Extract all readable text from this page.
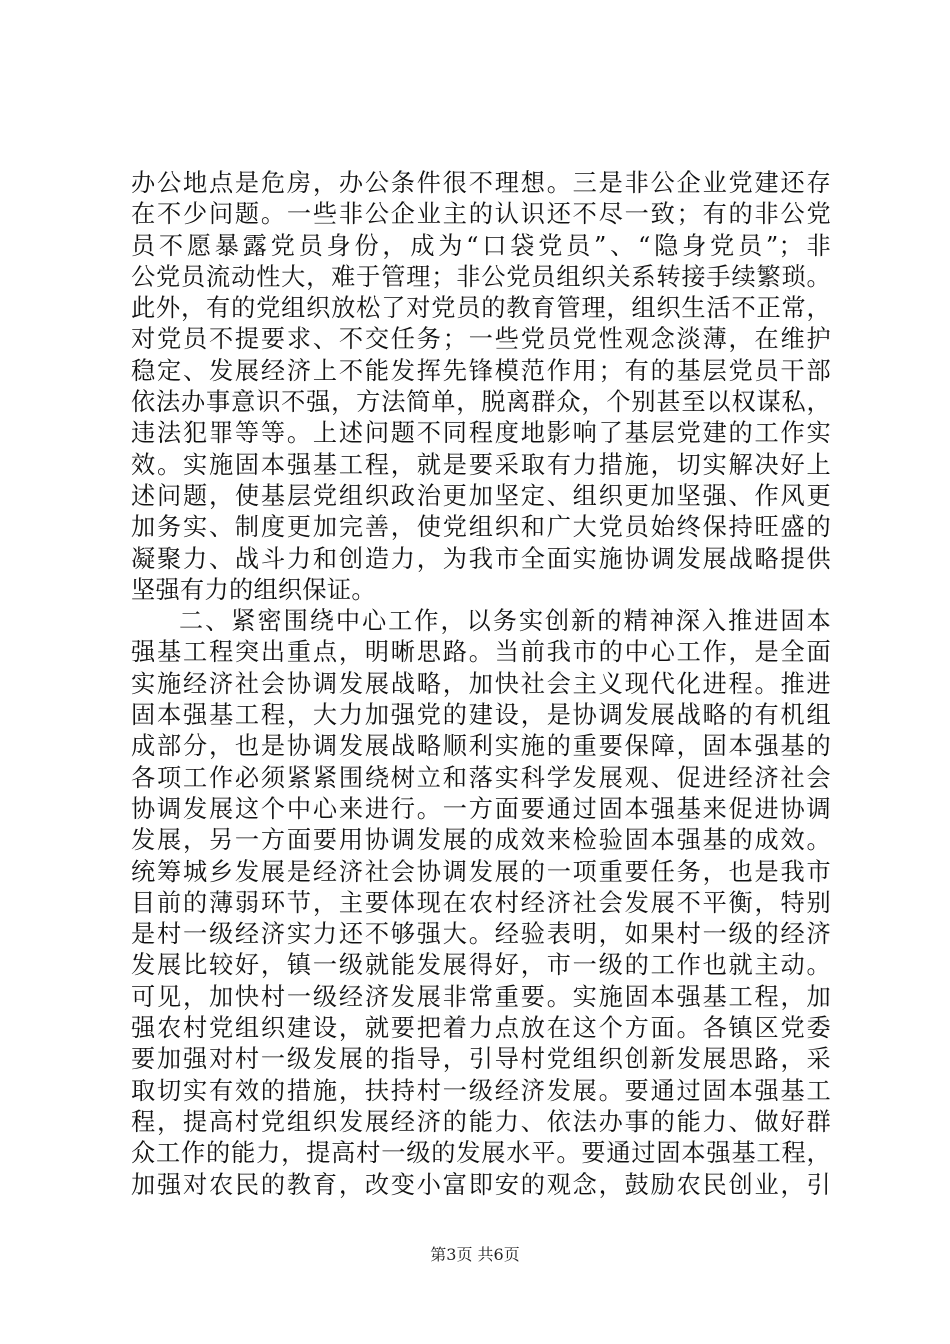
办公地点是危房，办公条件很不理想。三是非公企业党建还存
在不少问题。一些非公企业主的认识还不尽一致；有的非公党
员不愿暴露党员身份，成为“口袋党员”、“隐身党员”；非
公党员流动性大，难于管理；非公党员组织关系转接手续繁琐。
此外，有的党组织放松了对党员的教育管理，组织生活不正常，
对党员不提要求、不交任务；一些党员党性观念淡薄，在维护
稳定、发展经济上不能发挥先锋模范作用；有的基层党员干部
依法办事意识不强，方法简单，脱离群众，个别甚至以权谋私，
违法犯罪等等。上述问题不同程度地影响了基层党建的工作实
效。实施固本强基工程，就是要采取有力措施，切实解决好上
述问题，使基层党组织政治更加坚定、组织更加坚强、作风更
加务实、制度更加完善，使党组织和广大党员始终保持旺盛的
凝聚力、战斗力和创造力，为我市全面实施协调发展战略提供
坚强有力的组织保证。
二、紧密围绕中心工作，以务实创新的精神深入推进固本
强基工程突出重点，明晰思路。当前我市的中心工作，是全面
实施经济社会协调发展战略，加快社会主义现代化进程。推进
固本强基工程，大力加强党的建设，是协调发展战略的有机组
成部分，也是协调发展战略顺利实施的重要保障，固本强基的
各项工作必须紧紧围绕树立和落实科学发展观、促进经济社会
协调发展这个中心来进行。一方面要通过固本强基来促进协调
发展，另一方面要用协调发展的成效来检验固本强基的成效。
统筹城乡发展是经济社会协调发展的一项重要任务，也是我市
目前的薄弱环节，主要体现在农村经济社会发展不平衡，特别
是村一级经济实力还不够强大。经验表明，如果村一级的经济
发展比较好，镇一级就能发展得好，市一级的工作也就主动。
可见，加快村一级经济发展非常重要。实施固本强基工程，加
强农村党组织建设，就要把着力点放在这个方面。各镇区党委
要加强对村一级发展的指导，引导村党组织创新发展思路，采
取切实有效的措施，扶持村一级经济发展。要通过固本强基工
程，提高村党组织发展经济的能力、依法办事的能力、做好群
众工作的能力，提高村一级的发展水平。要通过固本强基工程，
加强对农民的教育，改变小富即安的观念，鼓励农民创业，引
第3页 共6页
